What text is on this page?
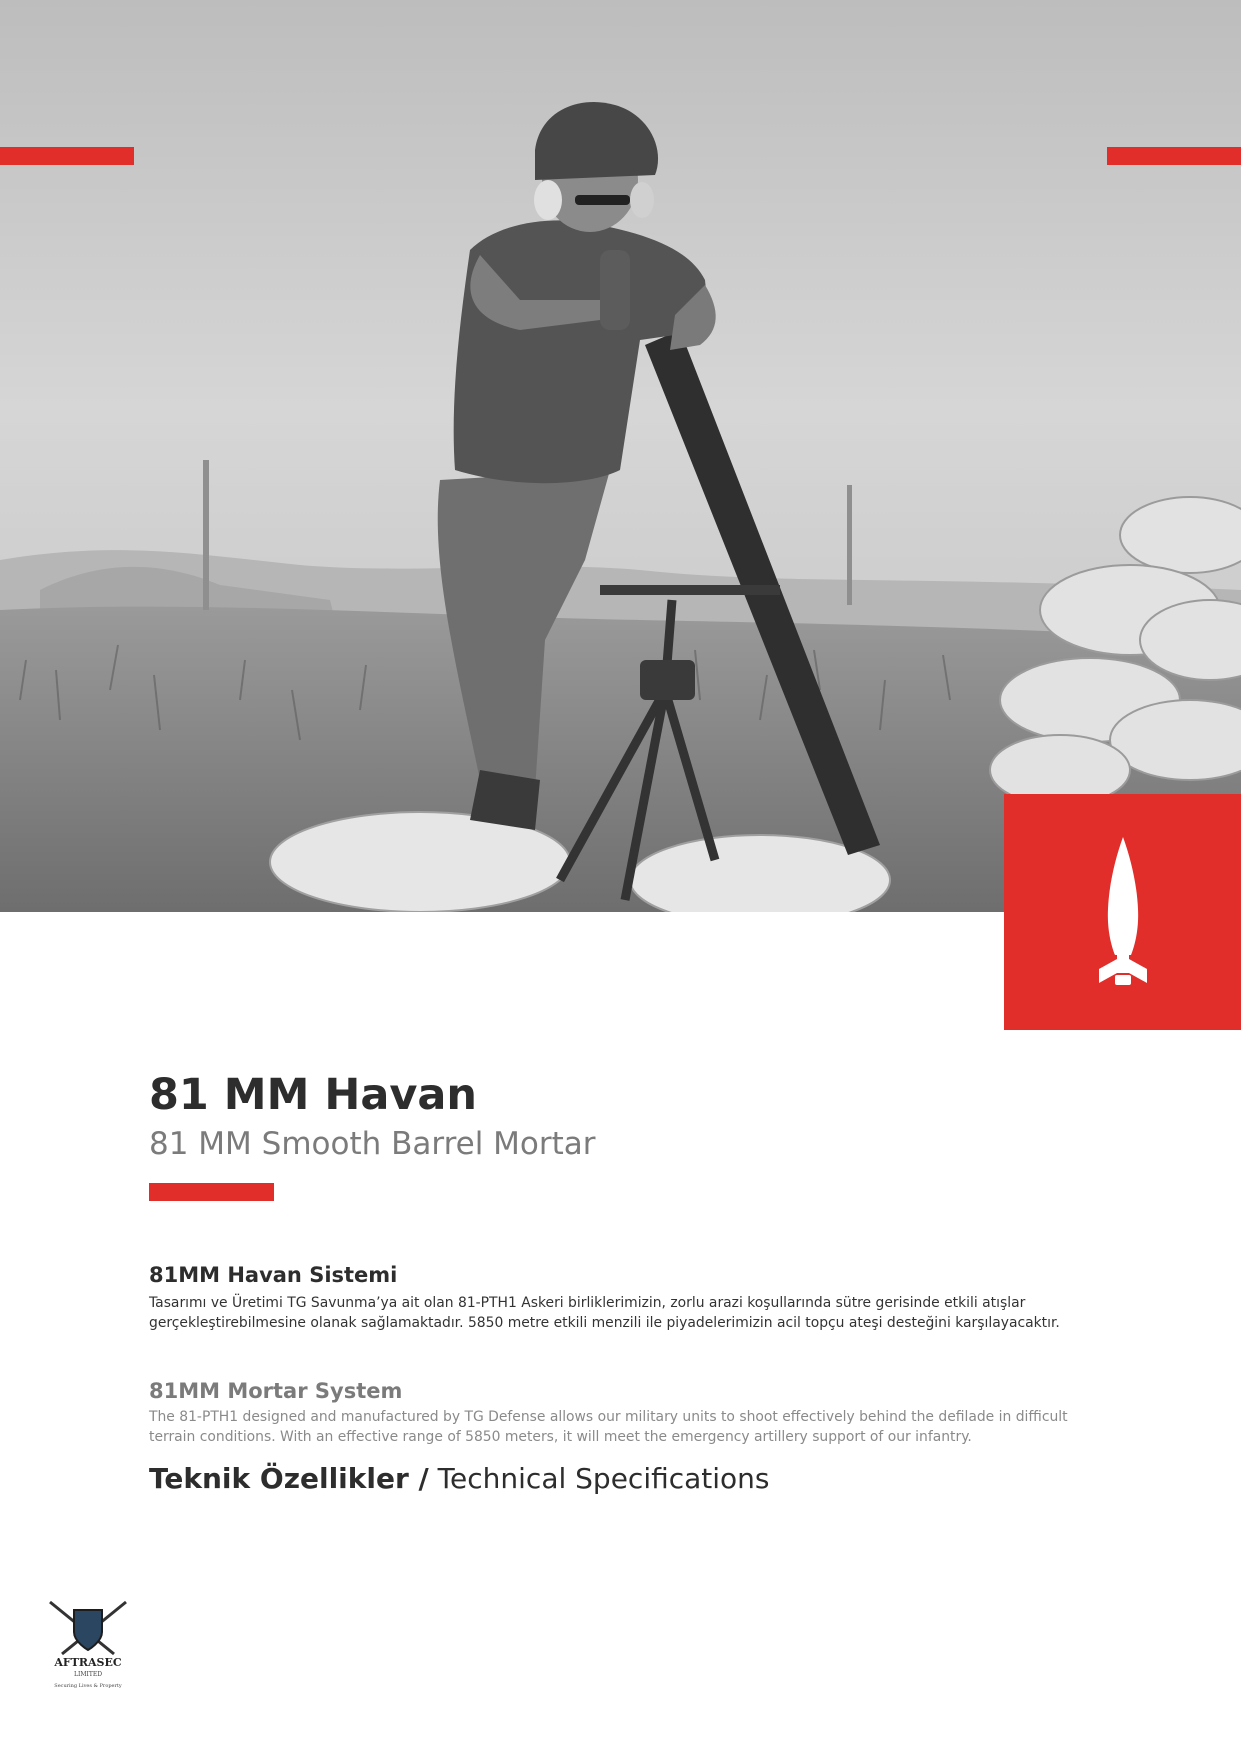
81 MM Havan
81 MM Smooth Barrel Mortar
81MM Havan Sistemi
Tasarımı ve Üretimi TG Savunma’ya ait olan 81-PTH1 Askeri birliklerimizin, zorlu arazi koşullarında sütre gerisinde etkili atışlar gerçekleştirebilmesine olanak sağlamaktadır. 5850 metre etkili menzili ile piyadelerimizin acil topçu ateşi desteğini karşılayacaktır.
81MM Mortar System
The 81-PTH1 designed and manufactured by TG Defense allows our military units to shoot effectively behind the defilade in difficult terrain conditions. With an effective range of 5850 meters, it will meet the emergency artillery support of our infantry.
Teknik Özellikler / Technical Specifications
AFTRASEC
LIMITED
Securing Lives & Property
